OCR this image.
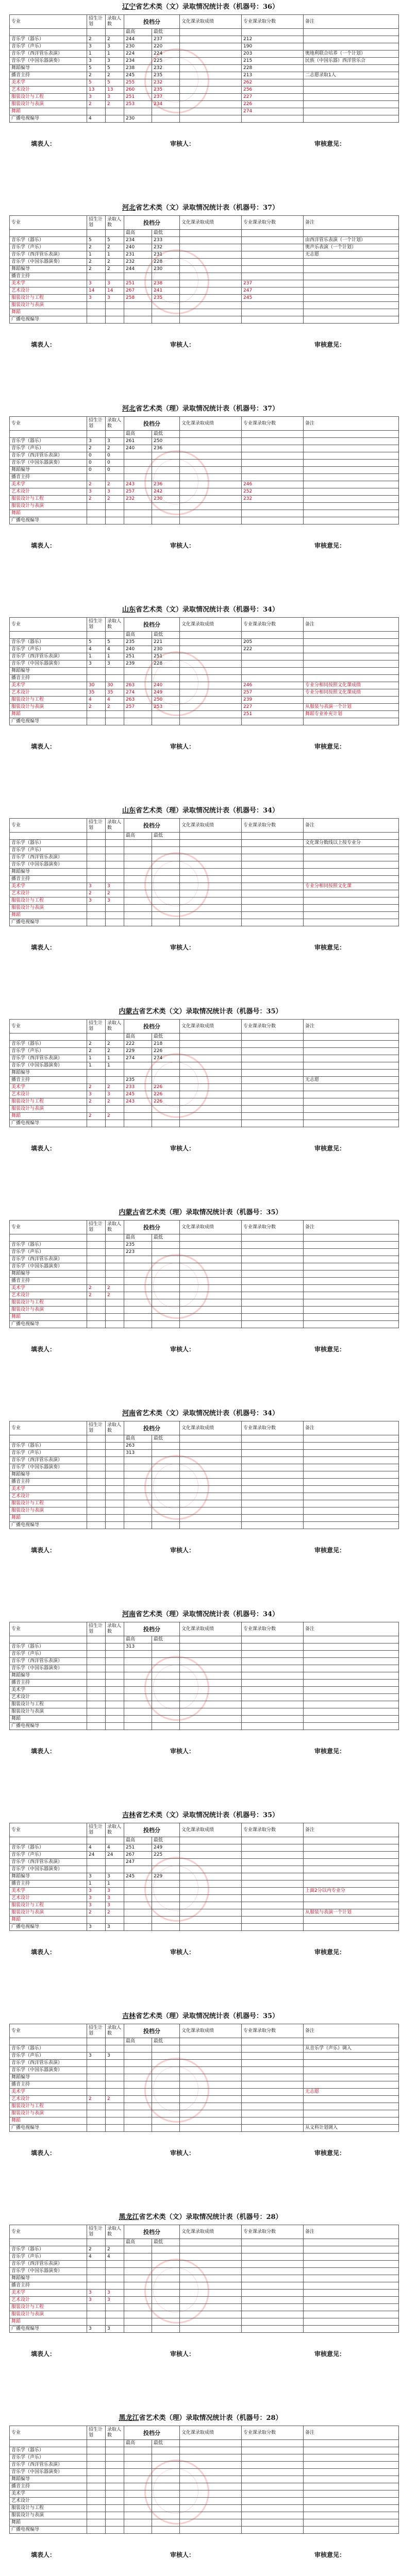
辽宁省艺术类（文）录取情况统计表（机器号：36）
专业	招生计划	录取人数	投档分		文化课录取成绩	专业课录取分数	备注
			最高	最低			
音乐学（器乐）	2	2	244	237		212	
音乐学（声乐）	3	3	230	220		190	
音乐学（西洋管乐表演）	1	1	224	224		203	奥地利联合培养（一个计划）
音乐学（中国乐器演奏）	3	3	234	225		215	民族（中国乐器）西洋管乐合
舞蹈编导	5	5	238	232		228	
播音主持	2	2	245	235		213	二志愿录取1人
美术学	5	5	255	232		262	
艺术设计	13	13	260	235		256	
服装设计与工程	3	3	251	237		227	
服装设计与表演	2	2	253	234		226	
舞蹈						274	
广播电视编导	4		230				
填表人：	审核人：	审核意见：
河北省艺术类（文）录取情况统计表（机器号：37）
专业	招生计划	录取人数	投档分		文化课录取成绩	专业课录取分数	备注
			最高	最低			
音乐学（器乐）	5	5	234	233			由西洋管乐表演（一个计划）
音乐学（声乐）	2	2	240	232			奥声乐表演（一个计划）
音乐学（西洋管乐表演）	1	1	231	231			无志愿
音乐学（中国乐器演奏）	2	2	232	228			
舞蹈编导	2	2	244	230			
播音主持							
美术学	3	3	251	238		237	
艺术设计	14	14	267	241		247	
服装设计与工程	3	3	258	235		245	
服装设计与表演							
舞蹈							
广播电视编导							
填表人：	审核人：	审核意见：
河北省艺术类（理）录取情况统计表（机器号：37）
专业	招生计划	录取人数	投档分		文化课录取成绩	专业课录取分数	备注
			最高	最低			
音乐学（器乐）	3	3	261	250			
音乐学（声乐）	2	2	240	236			
音乐学（西洋管乐表演）	0	0					
音乐学（中国乐器演奏）	0	0					
舞蹈编导	0	0					
播音主持							
美术学	2	2	243	236		246	
艺术设计	3	3	257	242		252	
服装设计与工程	2	2	232	230		232	
服装设计与表演							
舞蹈							
广播电视编导							
填表人：	审核人：	审核意见：
山东省艺术类（文）录取情况统计表（机器号：34）
专业	招生计划	录取人数	投档分		文化课录取成绩	专业课录取分数	备注
			最高	最低			
音乐学（器乐）	5	5	235	221		205	
音乐学（声乐）	4	4	240	230		222	
音乐学（西洋管乐表演）	1	1	251	251			
音乐学（中国乐器演奏）	3	3	239	228			
舞蹈编导							
播音主持							
美术学	30	30	263	240		246	专业分相同按照文化课成绩
艺术设计	35	35	274	249		257	专业分相同按照文化课成绩
服装设计与工程	4	4	263	250		239	
服装设计与表演	2	2	257	253		227	从服装与表演一个计划
舞蹈						251	舞蹈专业补充计划
广播电视编导							
填表人：	审核人：	审核意见：
山东省艺术类（理）录取情况统计表（机器号：34）
专业	招生计划	录取人数	投档分		文化课录取成绩	专业课录取分数	备注
			最高	最低			
音乐学（器乐）							文化课分数线以上按专业分
音乐学（声乐）							
音乐学（西洋管乐表演）							
音乐学（中国乐器演奏）							
舞蹈编导							
播音主持							
美术学	3	3					专业分相同按照文化课
艺术设计	2	2					
服装设计与工程	3	3					
服装设计与表演							
舞蹈							
广播电视编导							
填表人：	审核人：	审核意见：
内蒙古省艺术类（文）录取情况统计表（机器号：35）
专业	招生计划	录取人数	投档分		文化课录取成绩	专业课录取分数	备注
			最高	最低			
音乐学（器乐）	2	2	222	218			
音乐学（声乐）	2	2	229	226			
音乐学（西洋管乐表演）	1	1	274	274			
音乐学（中国乐器演奏）	1	1					
舞蹈编导							
播音主持			235				无志愿
美术学	2	2	233	226			
艺术设计	3	3	245	226			
服装设计与工程	2	2	243	226			
服装设计与表演							
舞蹈	2	2					
广播电视编导							
填表人：	审核人：	审核意见：
内蒙古省艺术类（理）录取情况统计表（机器号：35）
专业	招生计划	录取人数	投档分		文化课录取成绩	专业课录取分数	备注
			最高	最低			
音乐学（器乐）			235				
音乐学（声乐）			223				
音乐学（西洋管乐表演）							
音乐学（中国乐器演奏）							
舞蹈编导							
播音主持							
美术学	2	2					
艺术设计	2	2					
服装设计与工程							
服装设计与表演							
舞蹈							
广播电视编导							
填表人：	审核人：	审核意见：
河南省艺术类（文）录取情况统计表（机器号：34）
专业	招生计划	录取人数	投档分		文化课录取成绩	专业课录取分数	备注
			最高	最低			
音乐学（器乐）			263				
音乐学（声乐）			313				
音乐学（西洋管乐表演）							
音乐学（中国乐器演奏）							
舞蹈编导							
播音主持							
美术学							
艺术设计							
服装设计与工程							
服装设计与表演							
舞蹈							
广播电视编导							
填表人：	审核人：	审核意见：
河南省艺术类（理）录取情况统计表（机器号：34）
专业	招生计划	录取人数	投档分		文化课录取成绩	专业课录取分数	备注
			最高	最低			
音乐学（器乐）			313				
音乐学（声乐）							
音乐学（西洋管乐表演）							
音乐学（中国乐器演奏）							
舞蹈编导							
播音主持							
美术学							
艺术设计							
服装设计与工程							
服装设计与表演							
舞蹈							
广播电视编导							
填表人：	审核人：	审核意见：
吉林省艺术类（文）录取情况统计表（机器号：35）
专业	招生计划	录取人数	投档分		文化课录取成绩	专业课录取分数	备注
			最高	最低			
音乐学（器乐）	4	4	251	249			
音乐学（声乐）	24	24	267	225			
音乐学（西洋管乐表演）			247				
音乐学（中国乐器演奏）							
舞蹈编导	3	3	245	229			
播音主持	1	1					
美术学	3	3					上面2分以内专业分
艺术设计	3	3					
服装设计与工程	3	3					
服装设计与表演	2	2					从服装与表演一个计划
舞蹈							
广播电视编导	3	3					
填表人：	审核人：	审核意见：
吉林省艺术类（理）录取情况统计表（机器号：35）
专业	招生计划	录取人数	投档分		文化课录取成绩	专业课录取分数	备注
			最高	最低			
音乐学（器乐）							从音乐学（声乐）调入
音乐学（声乐）	3	3					
音乐学（西洋管乐表演）							
音乐学（中国乐器演奏）							
舞蹈编导							
播音主持							
美术学							无志愿
艺术设计	2	2					
服装设计与工程							
服装设计与表演							
舞蹈							
广播电视编导							从文科计划调入
填表人：	审核人：	审核意见：
黑龙江省艺术类（文）录取情况统计表（机器号：28）
专业	招生计划	录取人数	投档分		文化课录取成绩	专业课录取分数	备注
			最高	最低			
音乐学（器乐）	2	2					
音乐学（声乐）	4	4					
音乐学（西洋管乐表演）							
音乐学（中国乐器演奏）							
舞蹈编导							
播音主持							
美术学	3	3					
艺术设计	3	3					
服装设计与工程							
服装设计与表演							
舞蹈							
广播电视编导	3	3					
填表人：	审核人：	审核意见：
黑龙江省艺术类（理）录取情况统计表（机器号：28）
专业	招生计划	录取人数	投档分		文化课录取成绩	专业课录取分数	备注
			最高	最低			
音乐学（器乐）							
音乐学（声乐）							
音乐学（西洋管乐表演）							
音乐学（中国乐器演奏）							
舞蹈编导							
播音主持							
美术学							
艺术设计							
服装设计与工程							
服装设计与表演							
舞蹈							
广播电视编导							
填表人：	审核人：	审核意见：
